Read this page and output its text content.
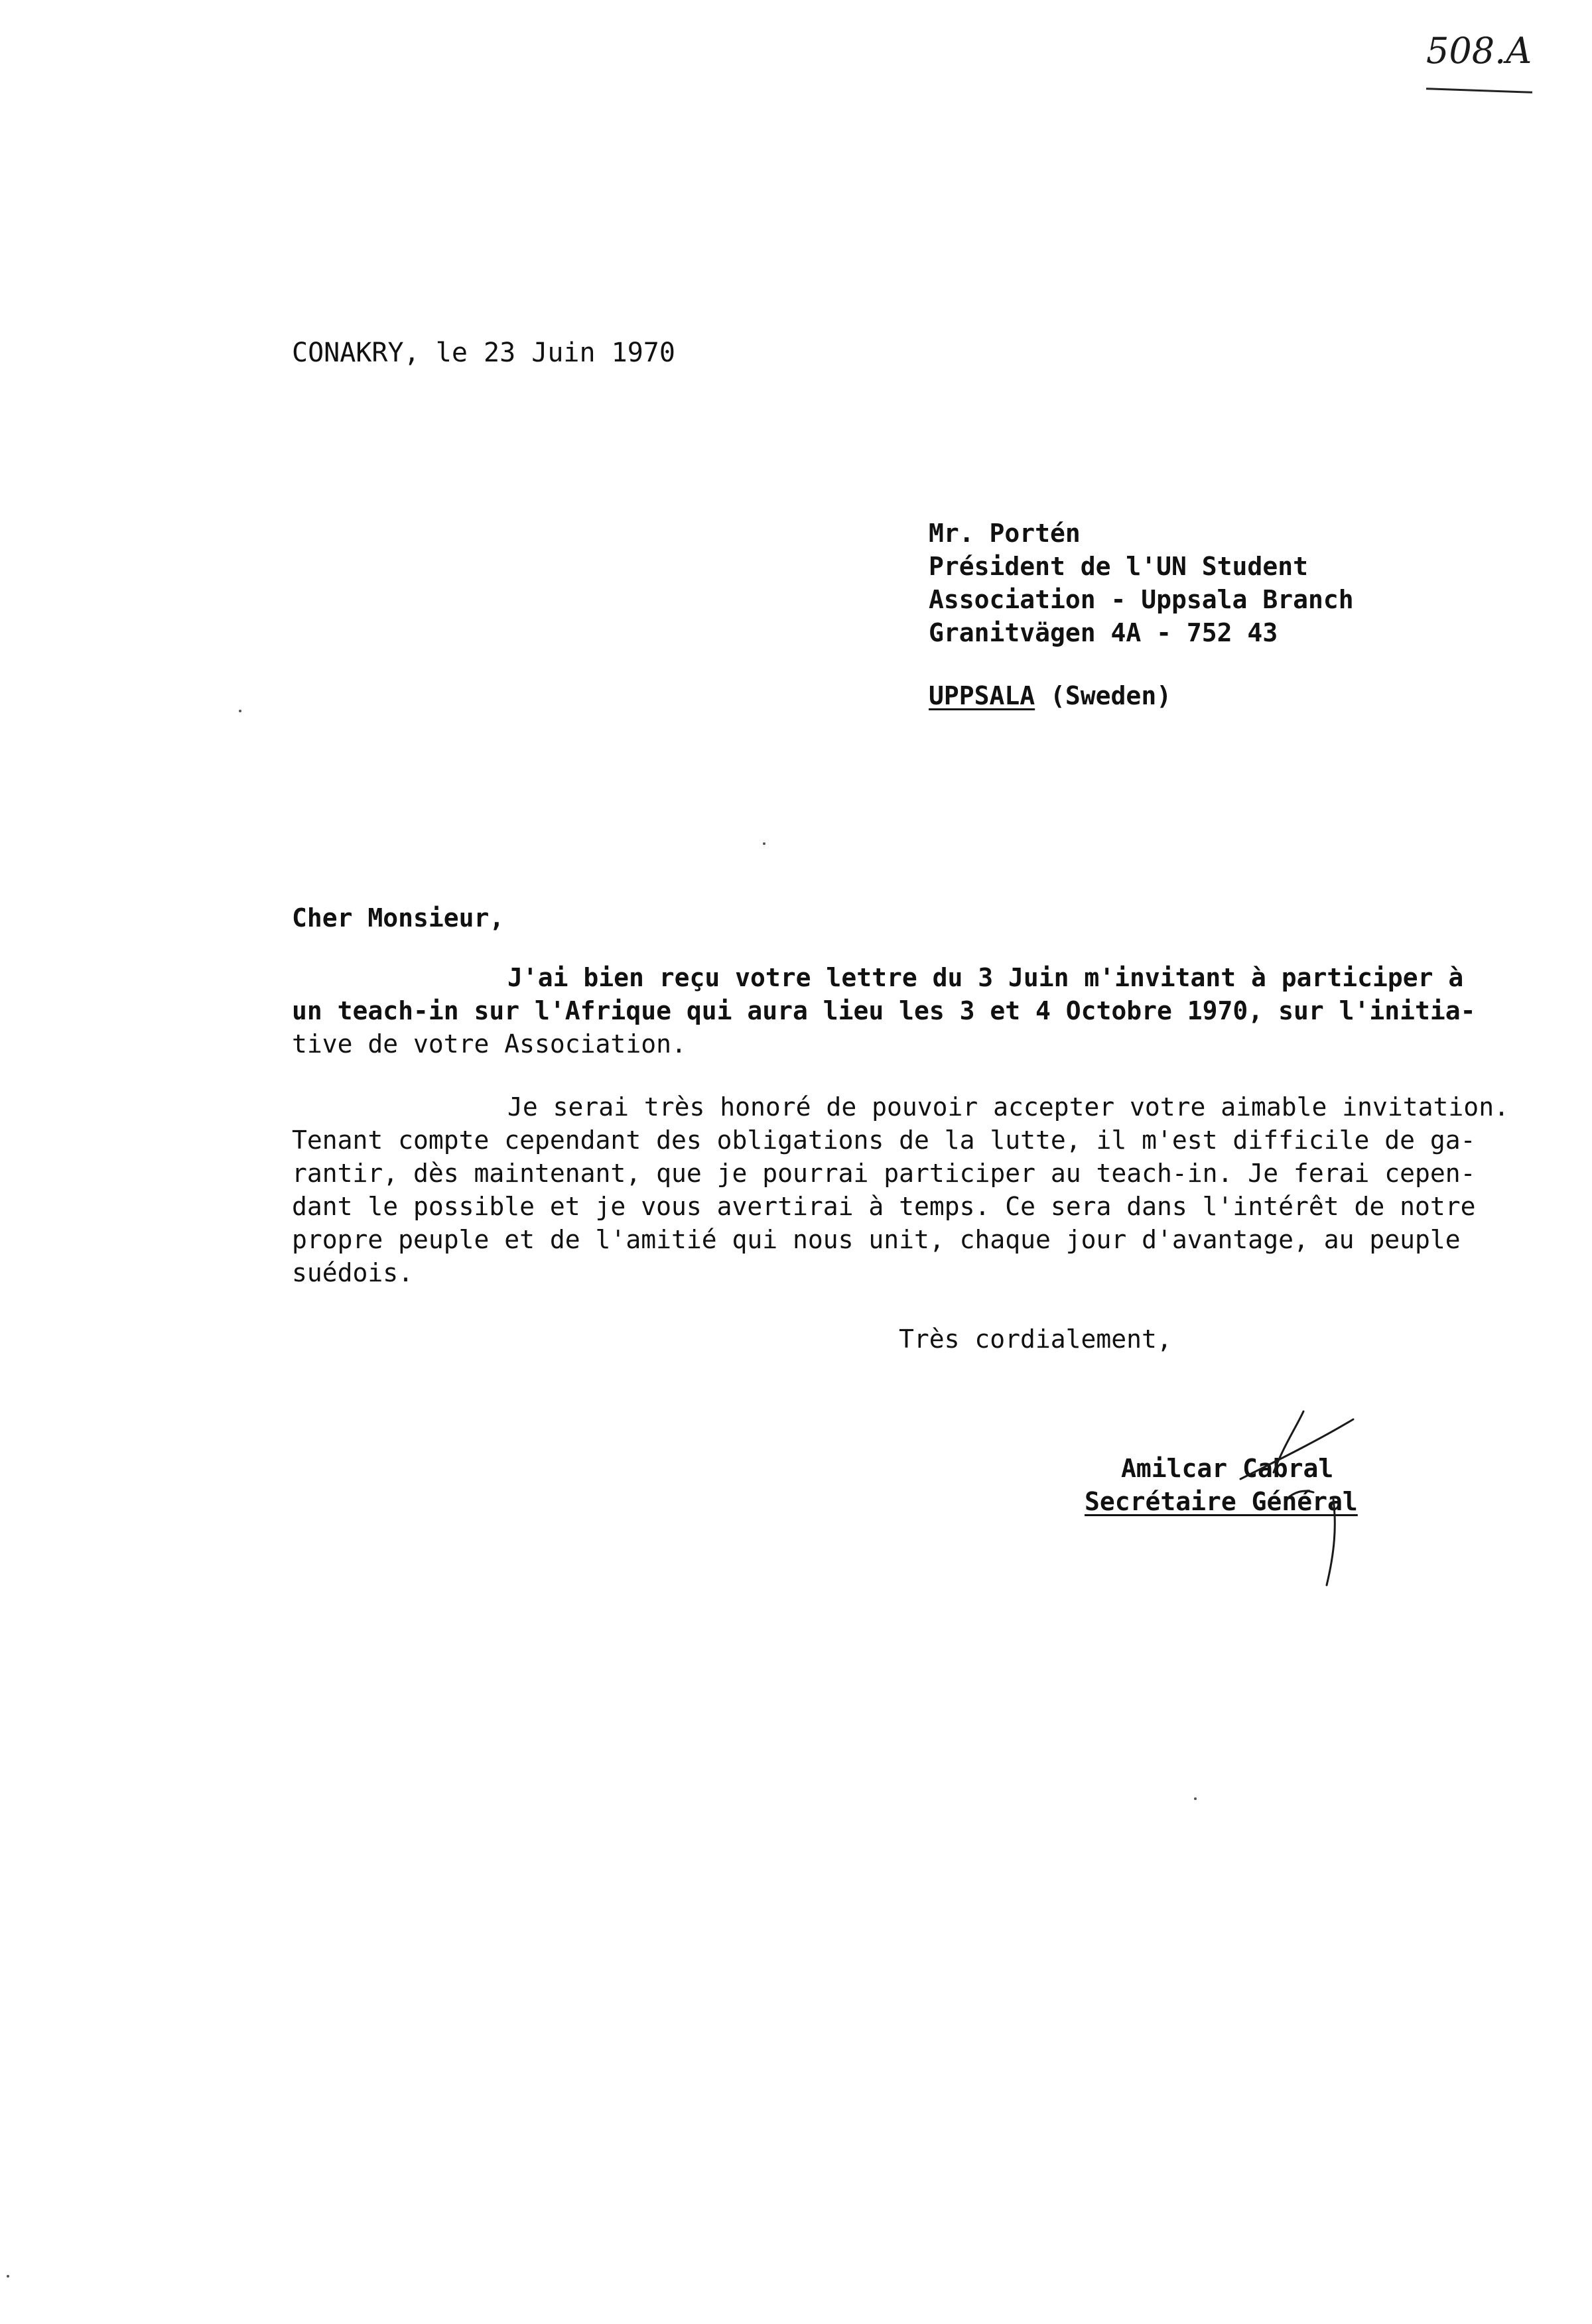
508.A
CONAKRY, le 23 Juin 1970
Mr. Portén
Président de l'UN Student
Association - Uppsala Branch
Granitvägen 4A - 752 43
UPPSALA (Sweden)
Cher Monsieur,
J'ai bien reçu votre lettre du 3 Juin m'invitant à participer à
un teach-in sur l'Afrique qui aura lieu les 3 et 4 Octobre 1970, sur l'initia-
tive de votre Association.
Je serai très honoré de pouvoir accepter votre aimable invitation.
Tenant compte cependant des obligations de la lutte, il m'est difficile de ga-
rantir, dès maintenant, que je pourrai participer au teach-in. Je ferai cepen-
dant le possible et je vous avertirai à temps. Ce sera dans l'intérêt de notre
propre peuple et de l'amitié qui nous unit, chaque jour d'avantage, au peuple
suédois.
Très cordialement,
Amilcar Cabral
Secrétaire Général
